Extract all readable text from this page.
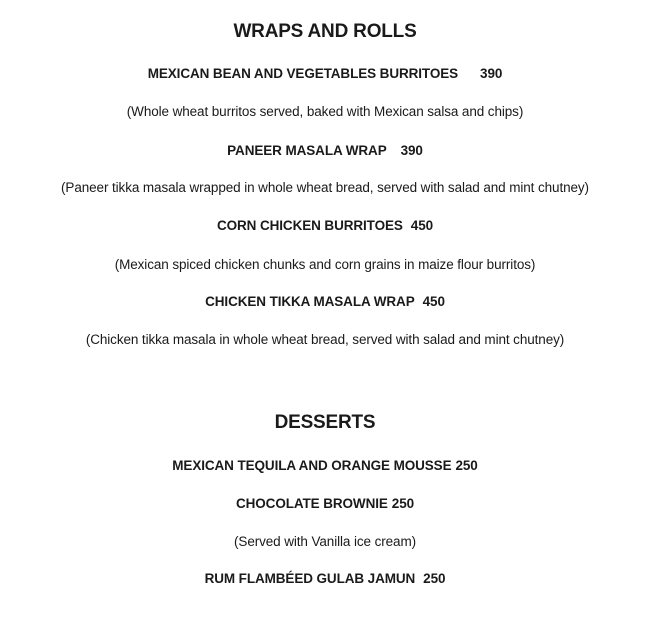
WRAPS AND ROLLS
MEXICAN BEAN AND VEGETABLES BURRITOES 390
(Whole wheat burritos served, baked with Mexican salsa and chips)
PANEER MASALA WRAP 390
(Paneer tikka masala wrapped in whole wheat bread, served with salad and mint chutney)
CORN CHICKEN BURRITOES 450
(Mexican spiced chicken chunks and corn grains in maize flour burritos)
CHICKEN TIKKA MASALA WRAP 450
(Chicken tikka masala in whole wheat bread, served with salad and mint chutney)
DESSERTS
MEXICAN TEQUILA AND ORANGE MOUSSE 250
CHOCOLATE BROWNIE 250
(Served with Vanilla ice cream)
RUM FLAMBÉED GULAB JAMUN 250
